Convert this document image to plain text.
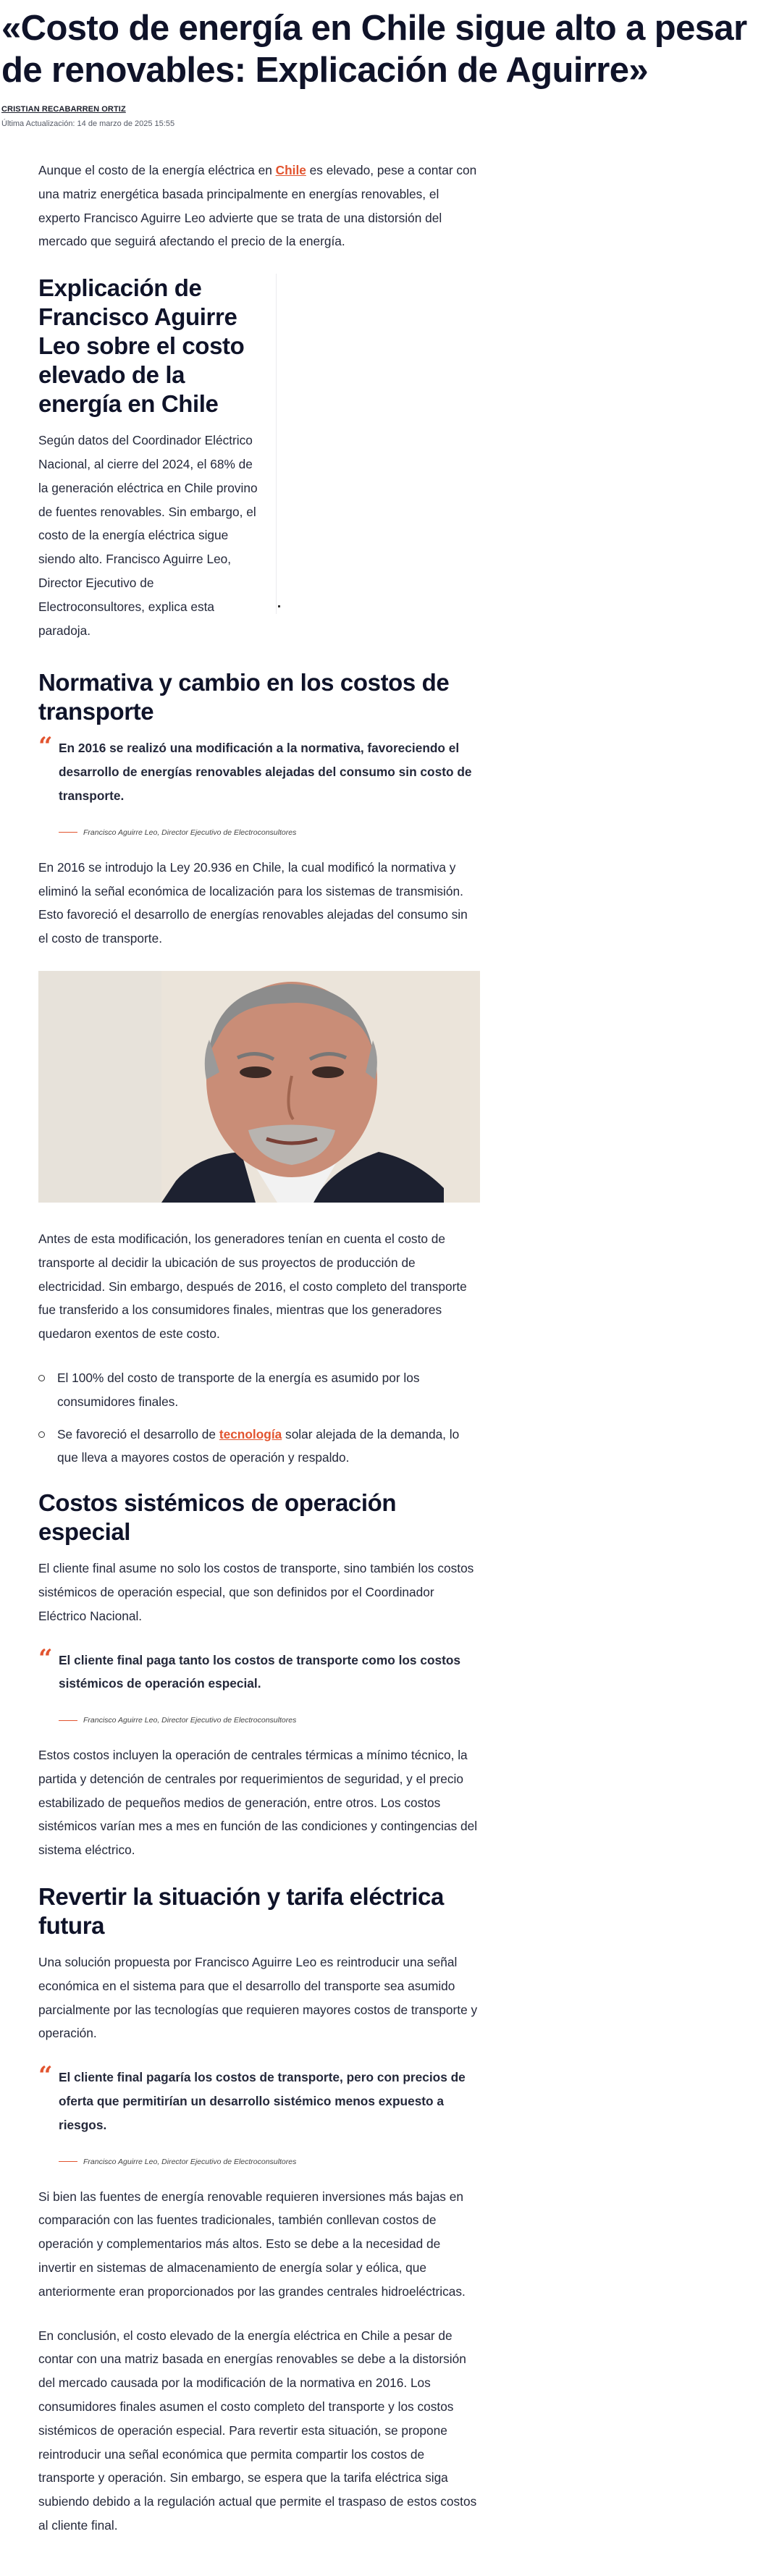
«Costo de energía en Chile sigue alto a pesar de renovables: Explicación de Aguirre»
CRISTIAN RECABARREN ORTIZ
Última Actualización: 14 de marzo de 2025 15:55

Aunque el costo de la energía eléctrica en Chile es elevado, pese a contar con una matriz energética basada principalmente en energías renovables, el experto Francisco Aguirre Leo advierte que se trata de una distorsión del mercado que seguirá afectando el precio de la energía.

Explicación de Francisco Aguirre Leo sobre el costo elevado de la energía en Chile

Según datos del Coordinador Eléctrico Nacional, al cierre del 2024, el 68% de la generación eléctrica en Chile provino de fuentes renovables. Sin embargo, el costo de la energía eléctrica sigue siendo alto. Francisco Aguirre Leo, Director Ejecutivo de Electroconsultores, explica esta paradoja.

Normativa y cambio en los costos de transporte
“ En 2016 se realizó una modificación a la normativa, favoreciendo el desarrollo de energías renovables alejadas del consumo sin costo de transporte.

Francisco Aguirre Leo, Director Ejecutivo de Electroconsultores

En 2016 se introdujo la Ley 20.936 en Chile, la cual modificó la normativa y eliminó la señal económica de localización para los sistemas de transmisión. Esto favoreció el desarrollo de energías renovables alejadas del consumo sin el costo de transporte.

Antes de esta modificación, los generadores tenían en cuenta el costo de transporte al decidir la ubicación de sus proyectos de producción de electricidad. Sin embargo, después de 2016, el costo completo del transporte fue transferido a los consumidores finales, mientras que los generadores quedaron exentos de este costo.

El 100% del costo de transporte de la energía es asumido por los consumidores finales.
Se favoreció el desarrollo de tecnología solar alejada de la demanda, lo que lleva a mayores costos de operación y respaldo.
Costos sistémicos de operación especial

El cliente final asume no solo los costos de transporte, sino también los costos sistémicos de operación especial, que son definidos por el Coordinador Eléctrico Nacional.

“ El cliente final paga tanto los costos de transporte como los costos sistémicos de operación especial.

Francisco Aguirre Leo, Director Ejecutivo de Electroconsultores

Estos costos incluyen la operación de centrales térmicas a mínimo técnico, la partida y detención de centrales por requerimientos de seguridad, y el precio estabilizado de pequeños medios de generación, entre otros. Los costos sistémicos varían mes a mes en función de las condiciones y contingencias del sistema eléctrico.

Revertir la situación y tarifa eléctrica futura

Una solución propuesta por Francisco Aguirre Leo es reintroducir una señal económica en el sistema para que el desarrollo del transporte sea asumido parcialmente por las tecnologías que requieren mayores costos de transporte y operación.

“ El cliente final pagaría los costos de transporte, pero con precios de oferta que permitirían un desarrollo sistémico menos expuesto a riesgos.

Francisco Aguirre Leo, Director Ejecutivo de Electroconsultores

Si bien las fuentes de energía renovable requieren inversiones más bajas en comparación con las fuentes tradicionales, también conllevan costos de operación y complementarios más altos. Esto se debe a la necesidad de invertir en sistemas de almacenamiento de energía solar y eólica, que anteriormente eran proporcionados por las grandes centrales hidroeléctricas.

En conclusión, el costo elevado de la energía eléctrica en Chile a pesar de contar con una matriz basada en energías renovables se debe a la distorsión del mercado causada por la modificación de la normativa en 2016. Los consumidores finales asumen el costo completo del transporte y los costos sistémicos de operación especial. Para revertir esta situación, se propone reintroducir una señal económica que permita compartir los costos de transporte y operación. Sin embargo, se espera que la tarifa eléctrica siga subiendo debido a la regulación actual que permite el traspaso de estos costos al cliente final.
